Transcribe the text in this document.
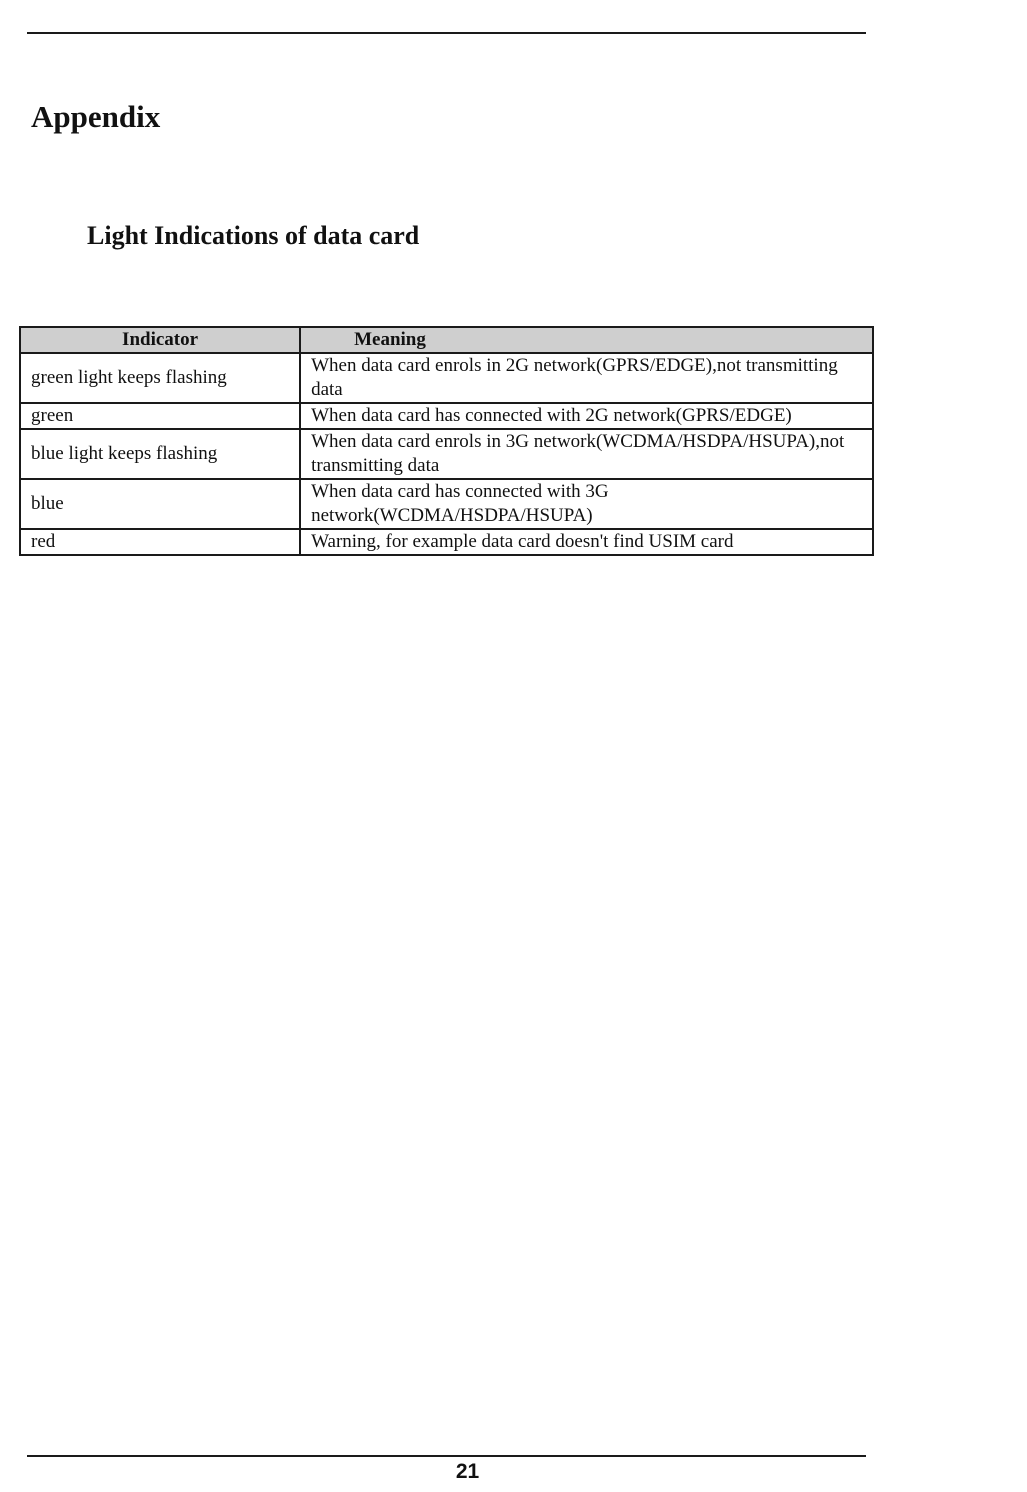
Appendix
Light Indications of data card
Indicator	Meaning
green light keeps flashing	When data card enrols in 2G network(GPRS/EDGE),not transmitting data
green	When data card has connected with 2G network(GPRS/EDGE)
blue light keeps flashing	When data card enrols in 3G network(WCDMA/HSDPA/HSUPA),not transmitting data
blue	When data card has connected with 3G network(WCDMA/HSDPA/HSUPA)
red	Warning, for example data card doesn't find USIM card
21
